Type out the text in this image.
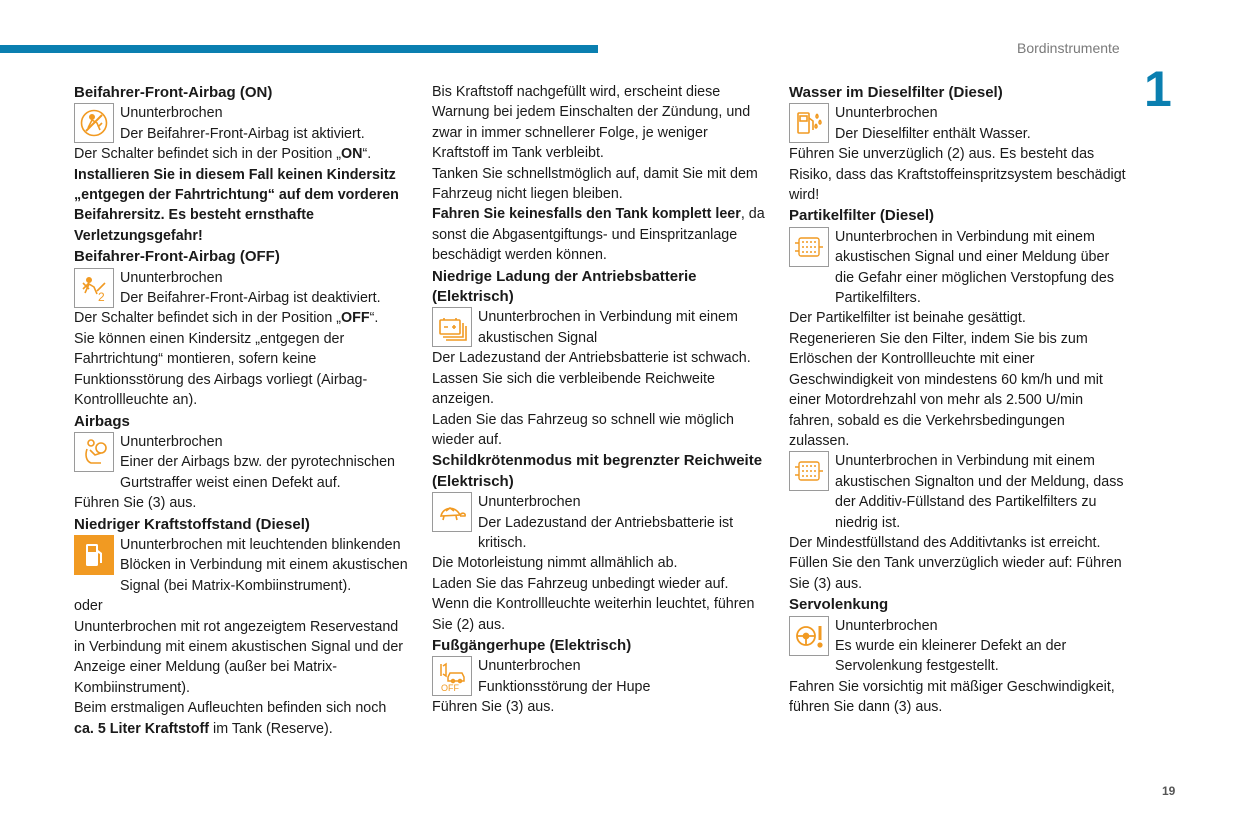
Bordinstrumente
1
19
Beifahrer-Front-Airbag (ON)
Ununterbrochen
Der Beifahrer-Front-Airbag ist aktiviert.
Der Schalter befindet sich in der Position „ON“.
Installieren Sie in diesem Fall keinen Kindersitz „entgegen der Fahrtrichtung“ auf dem vorderen Beifahrersitz. Es besteht ernsthafte Verletzungsgefahr!
Beifahrer-Front-Airbag (OFF)
2
Ununterbrochen
Der Beifahrer-Front-Airbag ist deaktiviert.
Der Schalter befindet sich in der Position „OFF“.
Sie können einen Kindersitz „entgegen der Fahrtrichtung“ montieren, sofern keine Funktionsstörung des Airbags vorliegt (Airbag-Kontrollleuchte an).
Airbags
Ununterbrochen
Einer der Airbags bzw. der pyrotechnischen Gurtstraffer weist einen Defekt auf.
Führen Sie (3) aus.
Niedriger Kraftstoffstand (Diesel)
Ununterbrochen mit leuchtenden blinkenden Blöcken in Verbindung mit einem akustischen Signal (bei Matrix-Kombiinstrument).
oder
Ununterbrochen mit rot angezeigtem Reservestand in Verbindung mit einem akustischen Signal und der Anzeige einer Meldung (außer bei Matrix-Kombiinstrument).
Beim erstmaligen Aufleuchten befinden sich noch ca. 5 Liter Kraftstoff im Tank (Reserve).
Bis Kraftstoff nachgefüllt wird, erscheint diese Warnung bei jedem Einschalten der Zündung, und zwar in immer schnellerer Folge, je weniger Kraftstoff im Tank verbleibt.
Tanken Sie schnellstmöglich auf, damit Sie mit dem Fahrzeug nicht liegen bleiben.
Fahren Sie keinesfalls den Tank komplett leer, da sonst die Abgasentgiftungs- und Einspritzanlage beschädigt werden können.
Niedrige Ladung der Antriebsbatterie (Elektrisch)
Ununterbrochen in Verbindung mit einem akustischen Signal
Der Ladezustand der Antriebsbatterie ist schwach.
Lassen Sie sich die verbleibende Reichweite anzeigen.
Laden Sie das Fahrzeug so schnell wie möglich wieder auf.
Schildkrötenmodus mit begrenzter Reichweite (Elektrisch)
Ununterbrochen
Der Ladezustand der Antriebsbatterie ist kritisch.
Die Motorleistung nimmt allmählich ab.
Laden Sie das Fahrzeug unbedingt wieder auf.
Wenn die Kontrollleuchte weiterhin leuchtet, führen Sie (2) aus.
Fußgängerhupe (Elektrisch)
OFF
Ununterbrochen
Funktionsstörung der Hupe
Führen Sie (3) aus.
Wasser im Dieselfilter (Diesel)
Ununterbrochen
Der Dieselfilter enthält Wasser.
Führen Sie unverzüglich (2) aus. Es besteht das Risiko, dass das Kraftstoffeinspritzsystem beschädigt wird!
Partikelfilter (Diesel)
Ununterbrochen in Verbindung mit einem akustischen Signal und einer Meldung über die Gefahr einer möglichen Verstopfung des Partikelfilters.
Der Partikelfilter ist beinahe gesättigt.
Regenerieren Sie den Filter, indem Sie bis zum Erlöschen der Kontrollleuchte mit einer Geschwindigkeit von mindestens 60 km/h und mit einer Motordrehzahl von mehr als 2.500 U/min fahren, sobald es die Verkehrsbedingungen zulassen.
Ununterbrochen in Verbindung mit einem akustischen Signalton und der Meldung, dass der Additiv-Füllstand des Partikelfilters zu niedrig ist.
Der Mindestfüllstand des Additivtanks ist erreicht.
Füllen Sie den Tank unverzüglich wieder auf: Führen Sie (3) aus.
Servolenkung
Ununterbrochen
Es wurde ein kleinerer Defekt an der Servolenkung festgestellt.
Fahren Sie vorsichtig mit mäßiger Geschwindigkeit, führen Sie dann (3) aus.
